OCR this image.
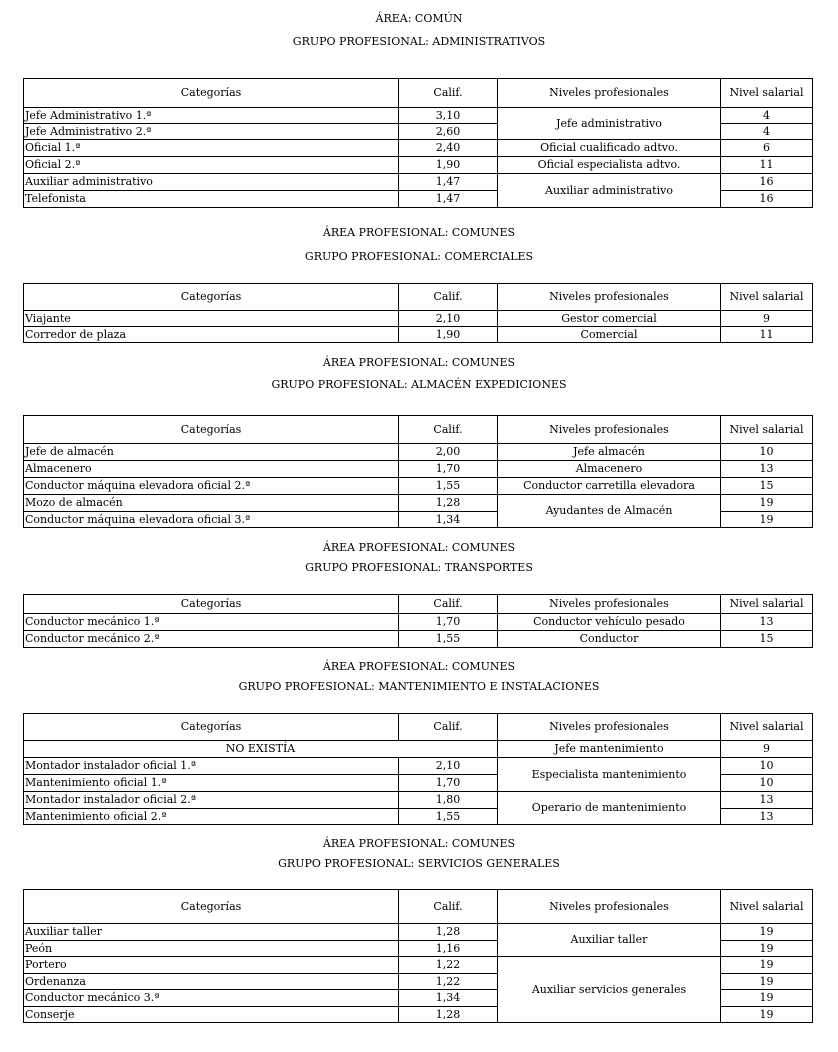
ÁREA: COMÚN
GRUPO PROFESIONAL: ADMINISTRATIVOS
Categorías	Calif.	Niveles profesionales	Nivel salarial
Jefe Administrativo 1.ª	3,10	Jefe administrativo	4
Jefe Administrativo 2.ª	2,60		4
Oficial 1.ª	2,40	Oficial cualificado adtvo.	6
Oficial 2.ª	1,90	Oficial especialista adtvo.	11
Auxiliar administrativo	1,47	Auxiliar administrativo	16
Telefonista	1,47		16
ÁREA PROFESIONAL: COMUNES
GRUPO PROFESIONAL: COMERCIALES
Categorías	Calif.	Niveles profesionales	Nivel salarial
Viajante	2,10	Gestor comercial	9
Corredor de plaza	1,90	Comercial	11
ÁREA PROFESIONAL: COMUNES
GRUPO PROFESIONAL: ALMACÉN EXPEDICIONES
Categorías	Calif.	Niveles profesionales	Nivel salarial
Jefe de almacén	2,00	Jefe almacén	10
Almacenero	1,70	Almacenero	13
Conductor máquina elevadora oficial 2.ª	1,55	Conductor carretilla elevadora	15
Mozo de almacén	1,28	Ayudantes de Almacén	19
Conductor máquina elevadora oficial 3.ª	1,34		19
ÁREA PROFESIONAL: COMUNES
GRUPO PROFESIONAL: TRANSPORTES
Categorías	Calif.	Niveles profesionales	Nivel salarial
Conductor mecánico 1.ª	1,70	Conductor vehículo pesado	13
Conductor mecánico 2.ª	1,55	Conductor	15
ÁREA PROFESIONAL: COMUNES
GRUPO PROFESIONAL: MANTENIMIENTO E INSTALACIONES
Categorías	Calif.	Niveles profesionales	Nivel salarial
NO EXISTÍA		Jefe mantenimiento	9
Montador instalador oficial 1.ª	2,10	Especialista mantenimiento	10
Mantenimiento oficial 1.ª	1,70		10
Montador instalador oficial 2.ª	1,80	Operario de mantenimiento	13
Mantenimiento oficial 2.ª	1,55		13
ÁREA PROFESIONAL: COMUNES
GRUPO PROFESIONAL: SERVICIOS GENERALES
Categorías	Calif.	Niveles profesionales	Nivel salarial
Auxiliar taller	1,28	Auxiliar taller	19
Peón	1,16		19
Portero	1,22	Auxiliar servicios generales	19
Ordenanza	1,22		19
Conductor mecánico 3.ª	1,34		19
Conserje	1,28		19
